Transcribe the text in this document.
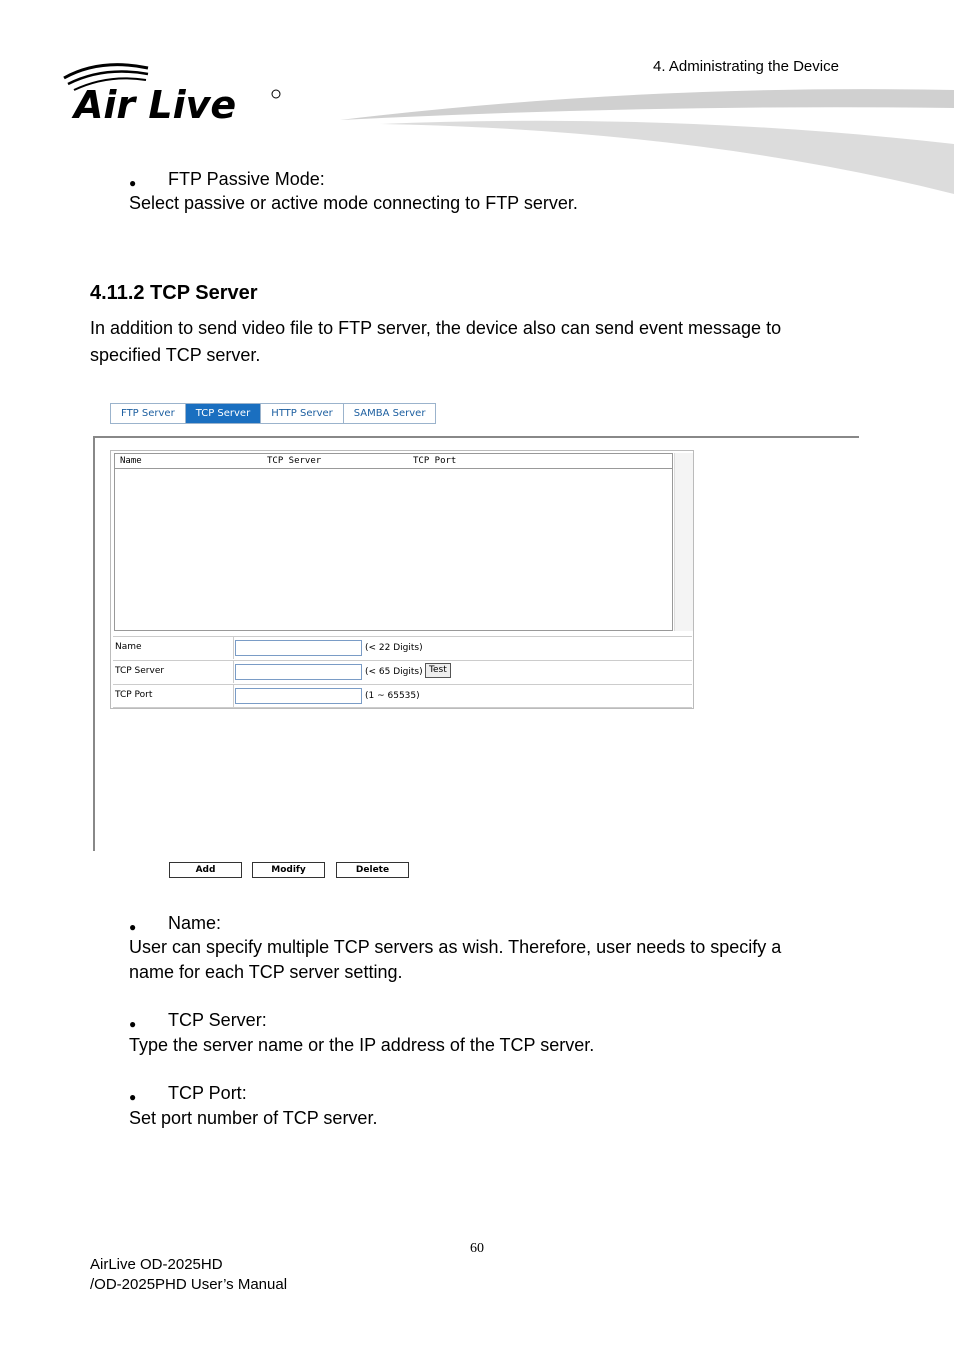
4. Administrating the Device
Air Live
● FTP Passive Mode:
Select passive or active mode connecting to FTP server.
4.11.2 TCP Server
In addition to send video file to FTP server, the device also can send event message to
specified TCP server.
FTP Server	TCP Server	HTTP Server	SAMBA Server
Name	TCP Server	TCP Port
Name	(< 22 Digits)
TCP Server	(< 65 Digits) Test
TCP Port	(1 ~ 65535)
Add	Modify	Delete
● Name:
User can specify multiple TCP servers as wish. Therefore, user needs to specify a
name for each TCP server setting.
● TCP Server:
Type the server name or the IP address of the TCP server.
● TCP Port:
Set port number of TCP server.
60
AirLive OD-2025HD
/OD-2025PHD User’s Manual
